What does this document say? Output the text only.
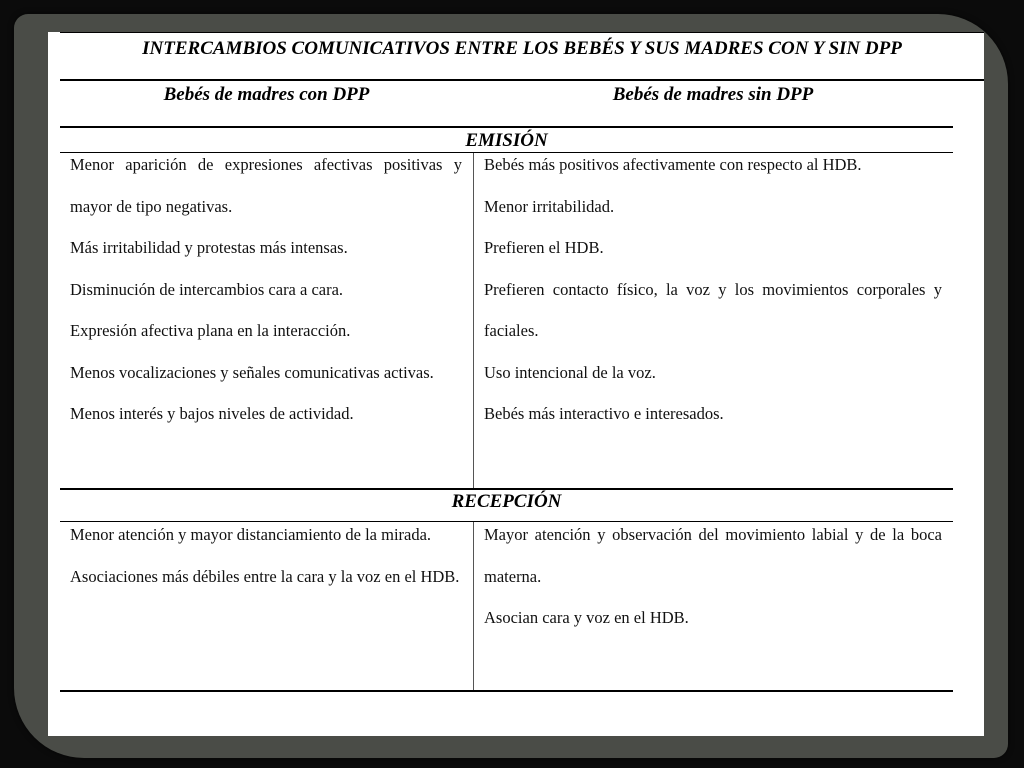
INTERCAMBIOS COMUNICATIVOS ENTRE LOS BEBÉS Y SUS MADRES CON Y SIN DPP
Bebés de madres con DPP	Bebés de madres sin DPP
EMISIÓN

Menor aparición de expresiones afectivas positivas y mayor de tipo negativas.

Más irritabilidad y protestas más intensas.

Disminución de intercambios cara a cara.

Expresión afectiva plana en la interacción.

Menos vocalizaciones y señales comunicativas activas.

Menos interés y bajos niveles de actividad.

Bebés más positivos afectivamente con respecto al HDB.

Menor irritabilidad.

Prefieren el HDB.

Prefieren contacto físico, la voz y los movimientos corporales y faciales.

Uso intencional de la voz.

Bebés más interactivo e interesados.

RECEPCIÓN

Menor atención y mayor distanciamiento de la mirada.

Asociaciones más débiles entre la cara y la voz en el HDB.

Mayor atención y observación del movimiento labial y de la boca materna.

Asocian cara y voz en el HDB.
